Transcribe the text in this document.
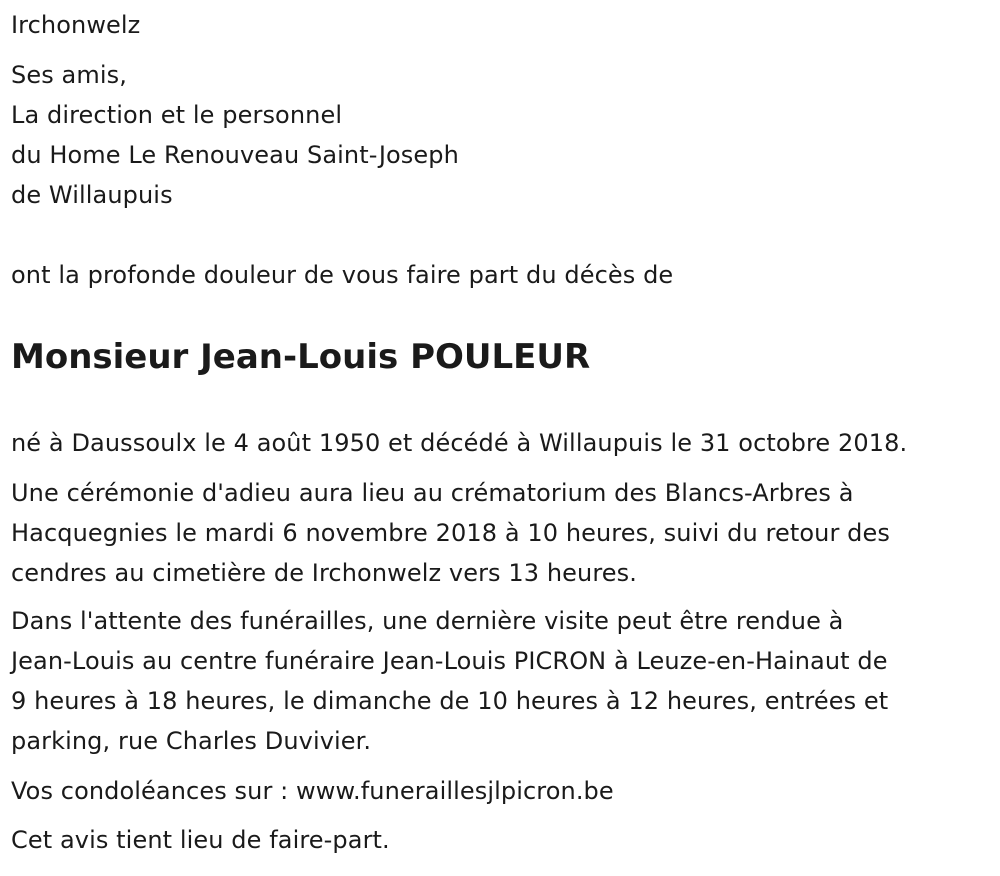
Irchonwelz

Ses amis,

La direction et le personnel

du Home Le Renouveau Saint-Joseph

de Willaupuis

ont la profonde douleur de vous faire part du décès de

Monsieur Jean-Louis POULEUR

né à Daussoulx le 4 août 1950 et décédé à Willaupuis le 31 octobre 2018.

Une cérémonie d'adieu aura lieu au crématorium des Blancs-Arbres à

Hacquegnies le mardi 6 novembre 2018 à 10 heures, suivi du retour des

cendres au cimetière de Irchonwelz vers 13 heures.

Dans l'attente des funérailles, une dernière visite peut être rendue à

Jean-Louis au centre funéraire Jean-Louis PICRON à Leuze-en-Hainaut de

9 heures à 18 heures, le dimanche de 10 heures à 12 heures, entrées et

parking, rue Charles Duvivier.

Vos condoléances sur : www.funeraillesjlpicron.be

Cet avis tient lieu de faire-part.
